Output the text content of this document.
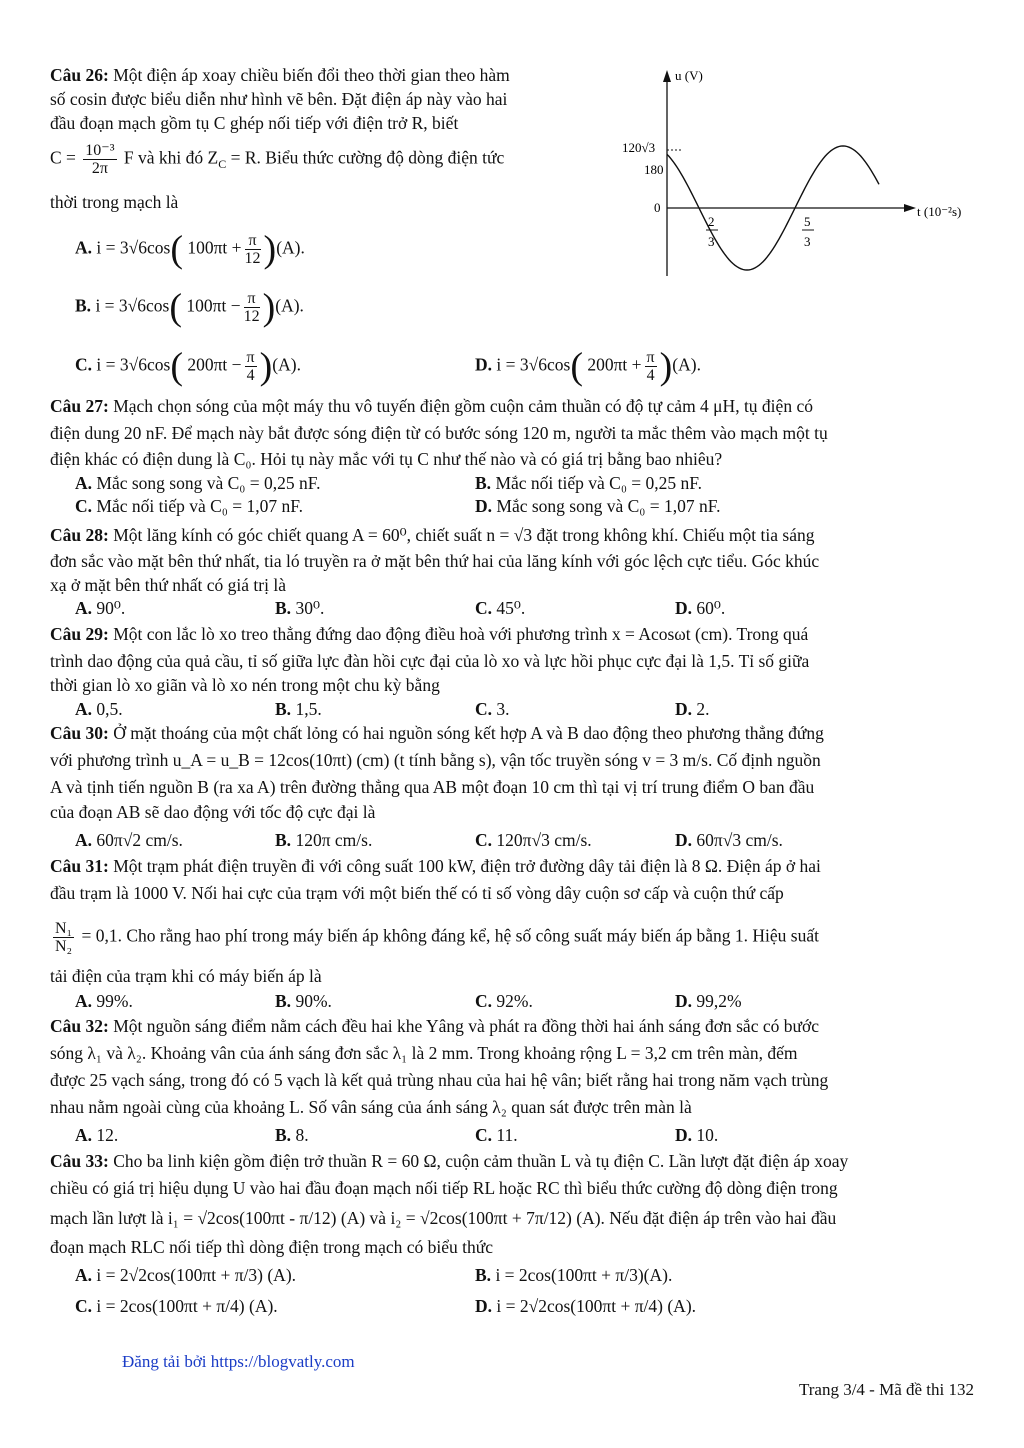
Câu 26: Một điện áp xoay chiều biến đổi theo thời gian theo hàm
số cosin được biểu diễn như hình vẽ bên. Đặt điện áp này vào hai
đầu đoạn mạch gồm tụ C ghép nối tiếp với điện trở R, biết
$C = \frac{\text{10⁻³}}{2\pi}$ F và khi đó $Z_C = R$. Biểu thức cường độ dòng điện tức
thời trong mạch là
A. i = 3√6cos( $100\pi t + \frac{\pi}{12} )(A)$.
B. i = 3√6cos( $100\pi t - \frac{\pi}{12} )(A)$.
C. i = 3√6cos( $200\pi t - \frac{\pi}{4} )(A)$.	D. i = 3√6cos( $200\pi t + \frac{\pi}{4} )(A)$.
u (V)
t (10⁻²s)
120√3
180
0
2
3
5
3
Câu 27: Mạch chọn sóng của một máy thu vô tuyến điện gồm cuộn cảm thuần có độ tự cảm 4 μH, tụ điện có
điện dung 20 nF. Để mạch này bắt được sóng điện từ có bước sóng 120 m, người ta mắc thêm vào mạch một tụ
điện khác có điện dung là C₀. Hỏi tụ này mắc với tụ C như thế nào và có giá trị bằng bao nhiêu?
A. Mắc song song và C₀ = 0,25 nF.	B. Mắc nối tiếp và C₀ = 0,25 nF.
C. Mắc nối tiếp và C₀ = 1,07 nF.	D. Mắc song song và C₀ = 1,07 nF.
Câu 28: Một lăng kính có góc chiết quang A = 60⁰, chiết suất n = √3 đặt trong không khí. Chiếu một tia sáng
đơn sắc vào mặt bên thứ nhất, tia ló truyền ra ở mặt bên thứ hai của lăng kính với góc lệch cực tiểu. Góc khúc
xạ ở mặt bên thứ nhất có giá trị là
A. 90⁰.	B. 30⁰.	C. 45⁰.	D. 60⁰.
Câu 29: Một con lắc lò xo treo thẳng đứng dao động điều hoà với phương trình x = Acosωt (cm). Trong quá
trình dao động của quả cầu, tỉ số giữa lực đàn hồi cực đại của lò xo và lực hồi phục cực đại là 1,5. Tỉ số giữa
thời gian lò xo giãn và lò xo nén trong một chu kỳ bằng
A. 0,5.	B. 1,5.	C. 3.	D. 2.
Câu 30: Ở mặt thoáng của một chất lỏng có hai nguồn sóng kết hợp A và B dao động theo phương thẳng đứng
với phương trình u_A = u_B = 12cos(10πt) (cm) (t tính bằng s), vận tốc truyền sóng v = 3 m/s. Cố định nguồn
A và tịnh tiến nguồn B (ra xa A) trên đường thẳng qua AB một đoạn 10 cm thì tại vị trí trung điểm O ban đầu
của đoạn AB sẽ dao động với tốc độ cực đại là
A. 60π√2 cm/s.	B. 120π cm/s.	C. 120π√3 cm/s.	D. 60π√3 cm/s.
Câu 31: Một trạm phát điện truyền đi với công suất 100 kW, điện trở đường dây tải điện là 8 Ω. Điện áp ở hai
đầu trạm là 1000 V. Nối hai cực của trạm với một biến thế có tỉ số vòng dây cuộn sơ cấp và cuộn thứ cấp
$\frac{\text{N₁}}{\text{N₂}} = 0,1$. Cho rằng hao phí trong máy biến áp không đáng kể, hệ số công suất máy biến áp bằng 1. Hiệu suất
tải điện của trạm khi có máy biến áp là
A. 99%.	B. 90%.	C. 92%.	D. 99,2%
Câu 32: Một nguồn sáng điểm nằm cách đều hai khe Yâng và phát ra đồng thời hai ánh sáng đơn sắc có bước
sóng λ₁ và λ₂. Khoảng vân của ánh sáng đơn sắc λ₁ là 2 mm. Trong khoảng rộng L = 3,2 cm trên màn, đếm
được 25 vạch sáng, trong đó có 5 vạch là kết quả trùng nhau của hai hệ vân; biết rằng hai trong năm vạch trùng
nhau nằm ngoài cùng của khoảng L. Số vân sáng của ánh sáng λ₂ quan sát được trên màn là
A. 12.	B. 8.	C. 11.	D. 10.
Câu 33: Cho ba linh kiện gồm điện trở thuần R = 60 Ω, cuộn cảm thuần L và tụ điện C. Lần lượt đặt điện áp xoay
chiều có giá trị hiệu dụng U vào hai đầu đoạn mạch nối tiếp RL hoặc RC thì biểu thức cường độ dòng điện trong
mạch lần lượt là i₁ = √2cos(100πt - π/12) (A) và i₂ = √2cos(100πt + 7π/12) (A). Nếu đặt điện áp trên vào hai đầu
đoạn mạch RLC nối tiếp thì dòng điện trong mạch có biểu thức
A. i = 2√2cos(100πt + π/3) (A).	B. i = 2cos(100πt + π/3)(A).
C. i = 2cos(100πt + π/4) (A).	D. i = 2√2cos(100πt + π/4) (A).
Đăng tải bởi https://blogvatly.com
Trang 3/4 - Mã đề thi 132
